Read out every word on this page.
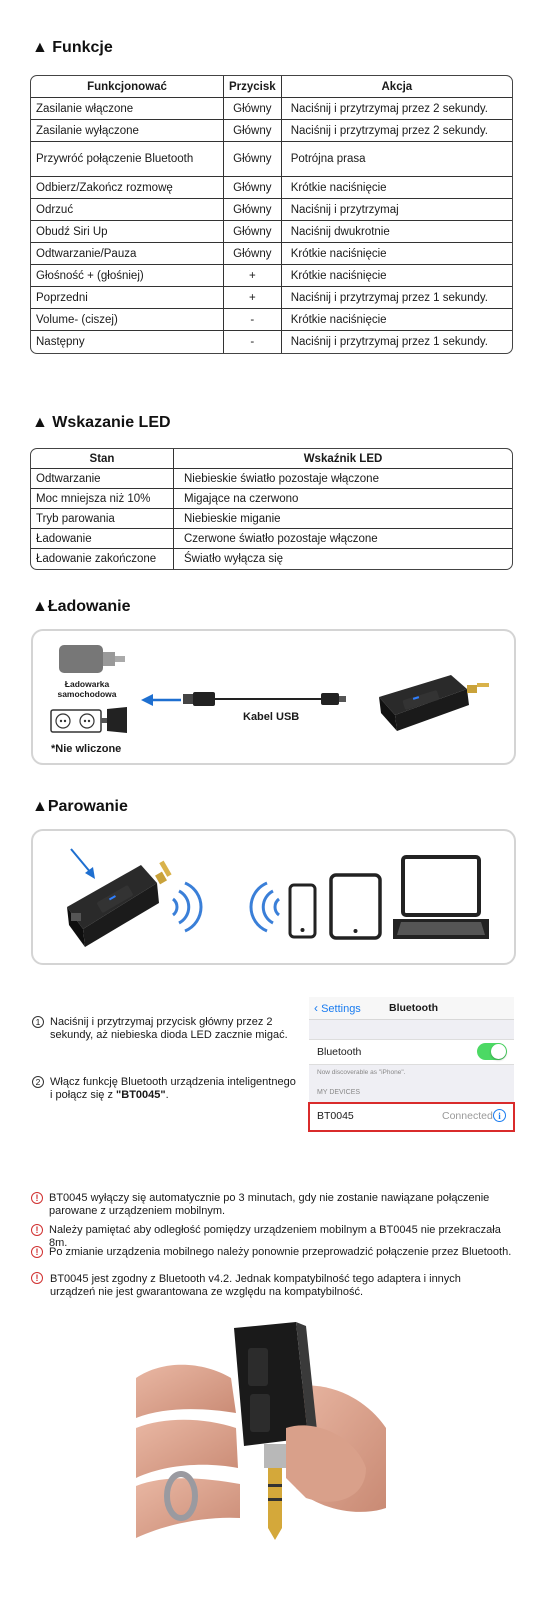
▲ Funkcje
Funkcjonować	Przycisk	Akcja
Zasilanie włączone	Główny	Naciśnij i przytrzymaj przez 2 sekundy.
Zasilanie wyłączone	Główny	Naciśnij i przytrzymaj przez 2 sekundy.
Przywróć połączenie Bluetooth	Główny	Potrójna prasa
Odbierz/Zakończ rozmowę	Główny	Krótkie naciśnięcie
Odrzuć	Główny	Naciśnij i przytrzymaj
Obudź Siri Up	Główny	Naciśnij dwukrotnie
Odtwarzanie/Pauza	Główny	Krótkie naciśnięcie
Głośność + (głośniej)	+	Krótkie naciśnięcie
Poprzedni	+	Naciśnij i przytrzymaj przez 1 sekundy.
Volume- (ciszej)	-	Krótkie naciśnięcie
Następny	-	Naciśnij i przytrzymaj przez 1 sekundy.
▲ Wskazanie LED
Stan	Wskaźnik LED
Odtwarzanie	Niebieskie światło pozostaje włączone
Moc mniejsza niż 10%	Migające na czerwono
Tryb parowania	Niebieskie miganie
Ładowanie	Czerwone światło pozostaje włączone
Ładowanie zakończone	Światło wyłącza się
▲Ładowanie
Ładowarka
samochodowa
*Nie wliczone
Kabel USB
▲Parowanie
1 Naciśnij i przytrzymaj przycisk główny przez 2 sekundy, aż niebieska dioda LED zacznie migać.
2 Włącz funkcję Bluetooth urządzenia inteligentnego i połącz się z "BT0045".
‹ Settings	Bluetooth
Bluetooth
Now discoverable as "iPhone".
MY DEVICES
BT0045	Connected i
! BT0045 wyłączy się automatycznie po 3 minutach, gdy nie zostanie nawiązane połączenie parowane z urządzeniem mobilnym.
! Należy pamiętać aby odległość pomiędzy urządzeniem mobilnym a BT0045 nie przekraczała 8m.
! Po zmianie urządzenia mobilnego należy ponownie przeprowadzić połączenie przez Bluetooth.
!	BT0045 jest zgodny z Bluetooth v4.2. Jednak kompatybilność tego adaptera i innych urządzeń nie jest gwarantowana ze względu na kompatybilność.
